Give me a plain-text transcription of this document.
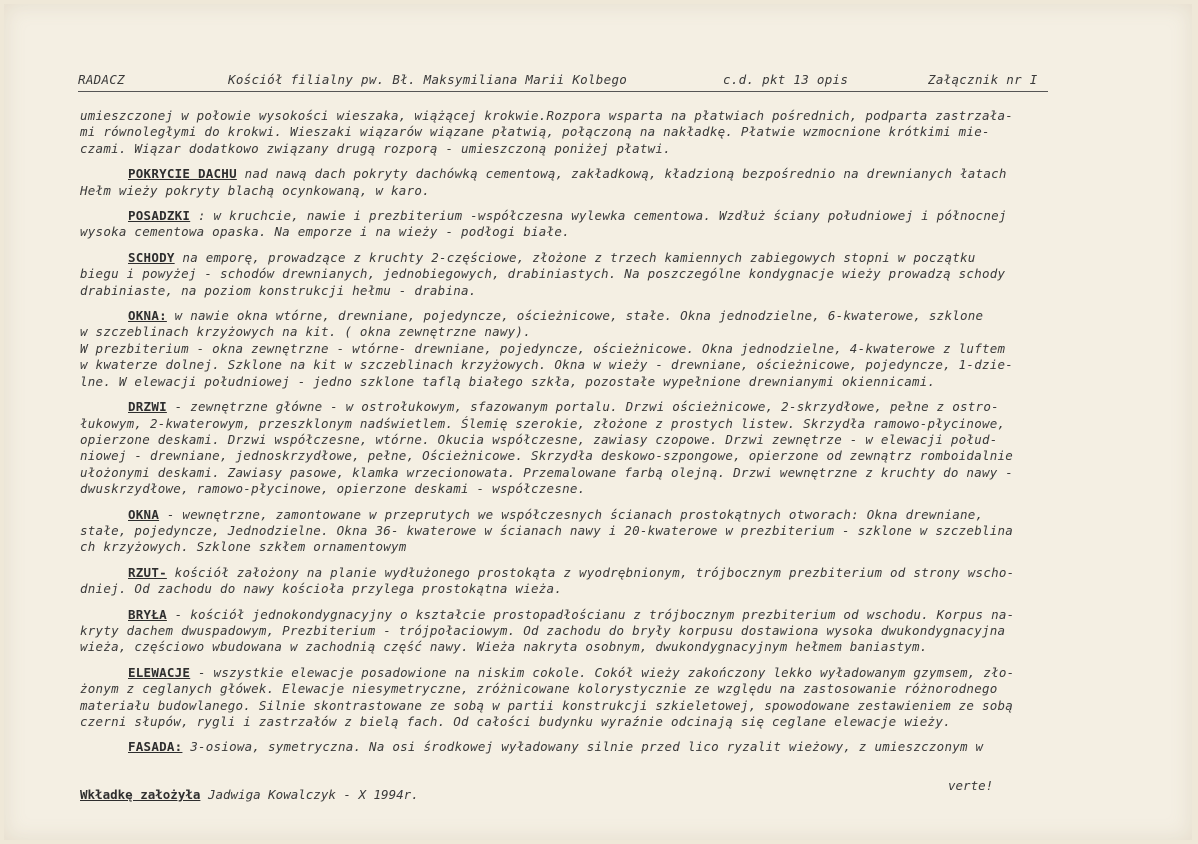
RADACZ	Kościół filialny pw. Bł. Maksymiliana Marii Kolbego	c.d. pkt 13 opis	Załącznik nr I
umieszczonej w połowie wysokości wieszaka, wiążącej krokwie.Rozpora wsparta na płatwiach pośrednich, podparta zastrzała-
mi równoległymi do krokwi. Wieszaki wiązarów wiązane płatwią, połączoną na nakładkę. Płatwie wzmocnione krótkimi mie-
czami. Wiązar dodatkowo związany drugą rozporą - umieszczoną poniżej płatwi.
POKRYCIE DACHU nad nawą dach pokryty dachówką cementową, zakładkową, kładzioną bezpośrednio na drewnianych łatach
Hełm wieży pokryty blachą ocynkowaną, w karo.
POSADZKI : w kruchcie, nawie i prezbiterium -współczesna wylewka cementowa. Wzdłuż ściany południowej i północnej
wysoka cementowa opaska. Na emporze i na wieży - podłogi białe.
SCHODY na emporę, prowadzące z kruchty 2-częściowe, złożone z trzech kamiennych zabiegowych stopni w początku
biegu i powyżej - schodów drewnianych, jednobiegowych, drabiniastych. Na poszczególne kondygnacje wieży prowadzą schody
drabiniaste, na poziom konstrukcji hełmu - drabina.
OKNA: w nawie okna wtórne, drewniane, pojedyncze, ościeżnicowe, stałe. Okna jednodzielne, 6-kwaterowe, szklone
w szczeblinach krzyżowych na kit. ( okna zewnętrzne nawy).
W prezbiterium - okna zewnętrzne - wtórne- drewniane, pojedyncze, ościeżnicowe. Okna jednodzielne, 4-kwaterowe z luftem
w kwaterze dolnej. Szklone na kit w szczeblinach krzyżowych. Okna w wieży - drewniane, ościeżnicowe, pojedyncze, 1-dzie-
lne. W elewacji południowej - jedno szklone taflą białego szkła, pozostałe wypełnione drewnianymi okiennicami.
DRZWI - zewnętrzne główne - w ostrołukowym, sfazowanym portalu. Drzwi ościeżnicowe, 2-skrzydłowe, pełne z ostro-
łukowym, 2-kwaterowym, przeszklonym nadświetlem. Ślemię szerokie, złożone z prostych listew. Skrzydła ramowo-płycinowe,
opierzone deskami. Drzwi współczesne, wtórne. Okucia współczesne, zawiasy czopowe. Drzwi zewnętrze - w elewacji połud-
niowej - drewniane, jednoskrzydłowe, pełne, Ościeżnicowe. Skrzydła deskowo-szpongowe, opierzone od zewnątrz romboidalnie
ułożonymi deskami. Zawiasy pasowe, klamka wrzecionowata. Przemalowane farbą olejną. Drzwi wewnętrzne z kruchty do nawy -
dwuskrzydłowe, ramowo-płycinowe, opierzone deskami - współczesne.
OKNA - wewnętrzne, zamontowane w przeprutych we współczesnych ścianach prostokątnych otworach: Okna drewniane,
stałe, pojedyncze, Jednodzielne. Okna 36- kwaterowe w ścianach nawy i 20-kwaterowe w prezbiterium - szklone w szczeblina
ch krzyżowych. Szklone szkłem ornamentowym
RZUT- kościół założony na planie wydłużonego prostokąta z wyodrębnionym, trójbocznym prezbiterium od strony wscho-
dniej. Od zachodu do nawy kościoła przylega prostokątna wieża.
BRYŁA - kościół jednokondygnacyjny o kształcie prostopadłościanu z trójbocznym prezbiterium od wschodu. Korpus na-
kryty dachem dwuspadowym, Prezbiterium - trójpołaciowym. Od zachodu do bryły korpusu dostawiona wysoka dwukondygnacyjna
wieża, częściowo wbudowana w zachodnią część nawy. Wieża nakryta osobnym, dwukondygnacyjnym hełmem baniastym.
ELEWACJE - wszystkie elewacje posadowione na niskim cokole. Cokół wieży zakończony lekko wyładowanym gzymsem, zło-
żonym z ceglanych główek. Elewacje niesymetryczne, zróżnicowane kolorystycznie ze względu na zastosowanie różnorodnego
materiału budowlanego. Silnie skontrastowane ze sobą w partii konstrukcji szkieletowej, spowodowane zestawieniem ze sobą
czerni słupów, rygli i zastrzałów z bielą fach. Od całości budynku wyraźnie odcinają się ceglane elewacje wieży.
FASADA: 3-osiowa, symetryczna. Na osi środkowej wyładowany silnie przed lico ryzalit wieżowy, z umieszczonym w
Wkładkę założyła Jadwiga Kowalczyk - X 1994r.
verte!
